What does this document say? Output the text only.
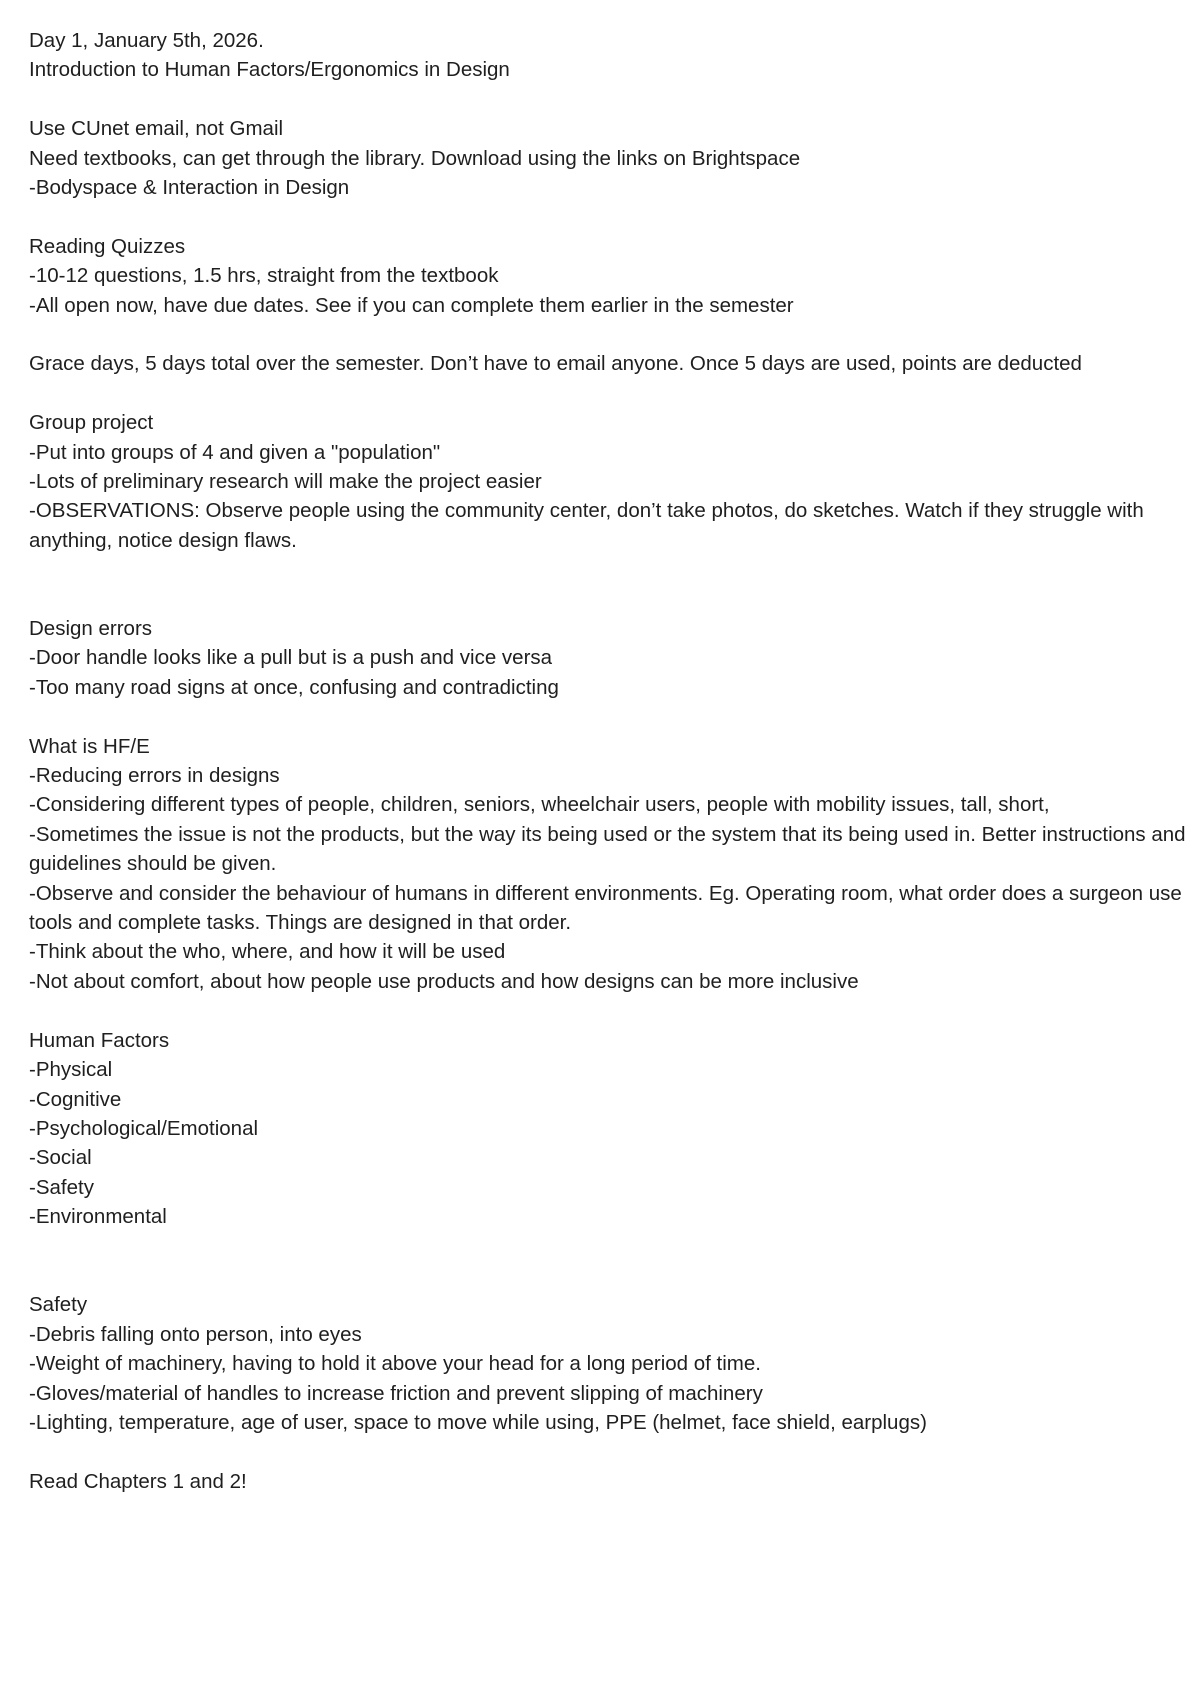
Day 1, January 5th, 2026.

Introduction to Human Factors/Ergonomics in Design

Use CUnet email, not Gmail

Need textbooks, can get through the library. Download using the links on Brightspace

-Bodyspace & Interaction in Design

Reading Quizzes

-10-12 questions, 1.5 hrs, straight from the textbook

-All open now, have due dates. See if you can complete them earlier in the semester

Grace days, 5 days total over the semester. Don’t have to email anyone. Once 5 days are used, points are deducted

Group project

-Put into groups of 4 and given a "population"

-Lots of preliminary research will make the project easier

-OBSERVATIONS: Observe people using the community center, don’t take photos, do sketches. Watch if they struggle with anything, notice design flaws.

Design errors

-Door handle looks like a pull but is a push and vice versa

-Too many road signs at once, confusing and contradicting

What is HF/E

-Reducing errors in designs

-Considering different types of people, children, seniors, wheelchair users, people with mobility issues, tall, short,

-Sometimes the issue is not the products, but the way its being used or the system that its being used in. Better instructions and guidelines should be given.

-Observe and consider the behaviour of humans in different environments. Eg. Operating room, what order does a surgeon use tools and complete tasks. Things are designed in that order.

-Think about the who, where, and how it will be used

-Not about comfort, about how people use products and how designs can be more inclusive

Human Factors

-Physical

-Cognitive

-Psychological/Emotional

-Social

-Safety

-Environmental

Safety

-Debris falling onto person, into eyes

-Weight of machinery, having to hold it above your head for a long period of time.

-Gloves/material of handles to increase friction and prevent slipping of machinery

-Lighting, temperature, age of user, space to move while using, PPE (helmet, face shield, earplugs)

Read Chapters 1 and 2!
